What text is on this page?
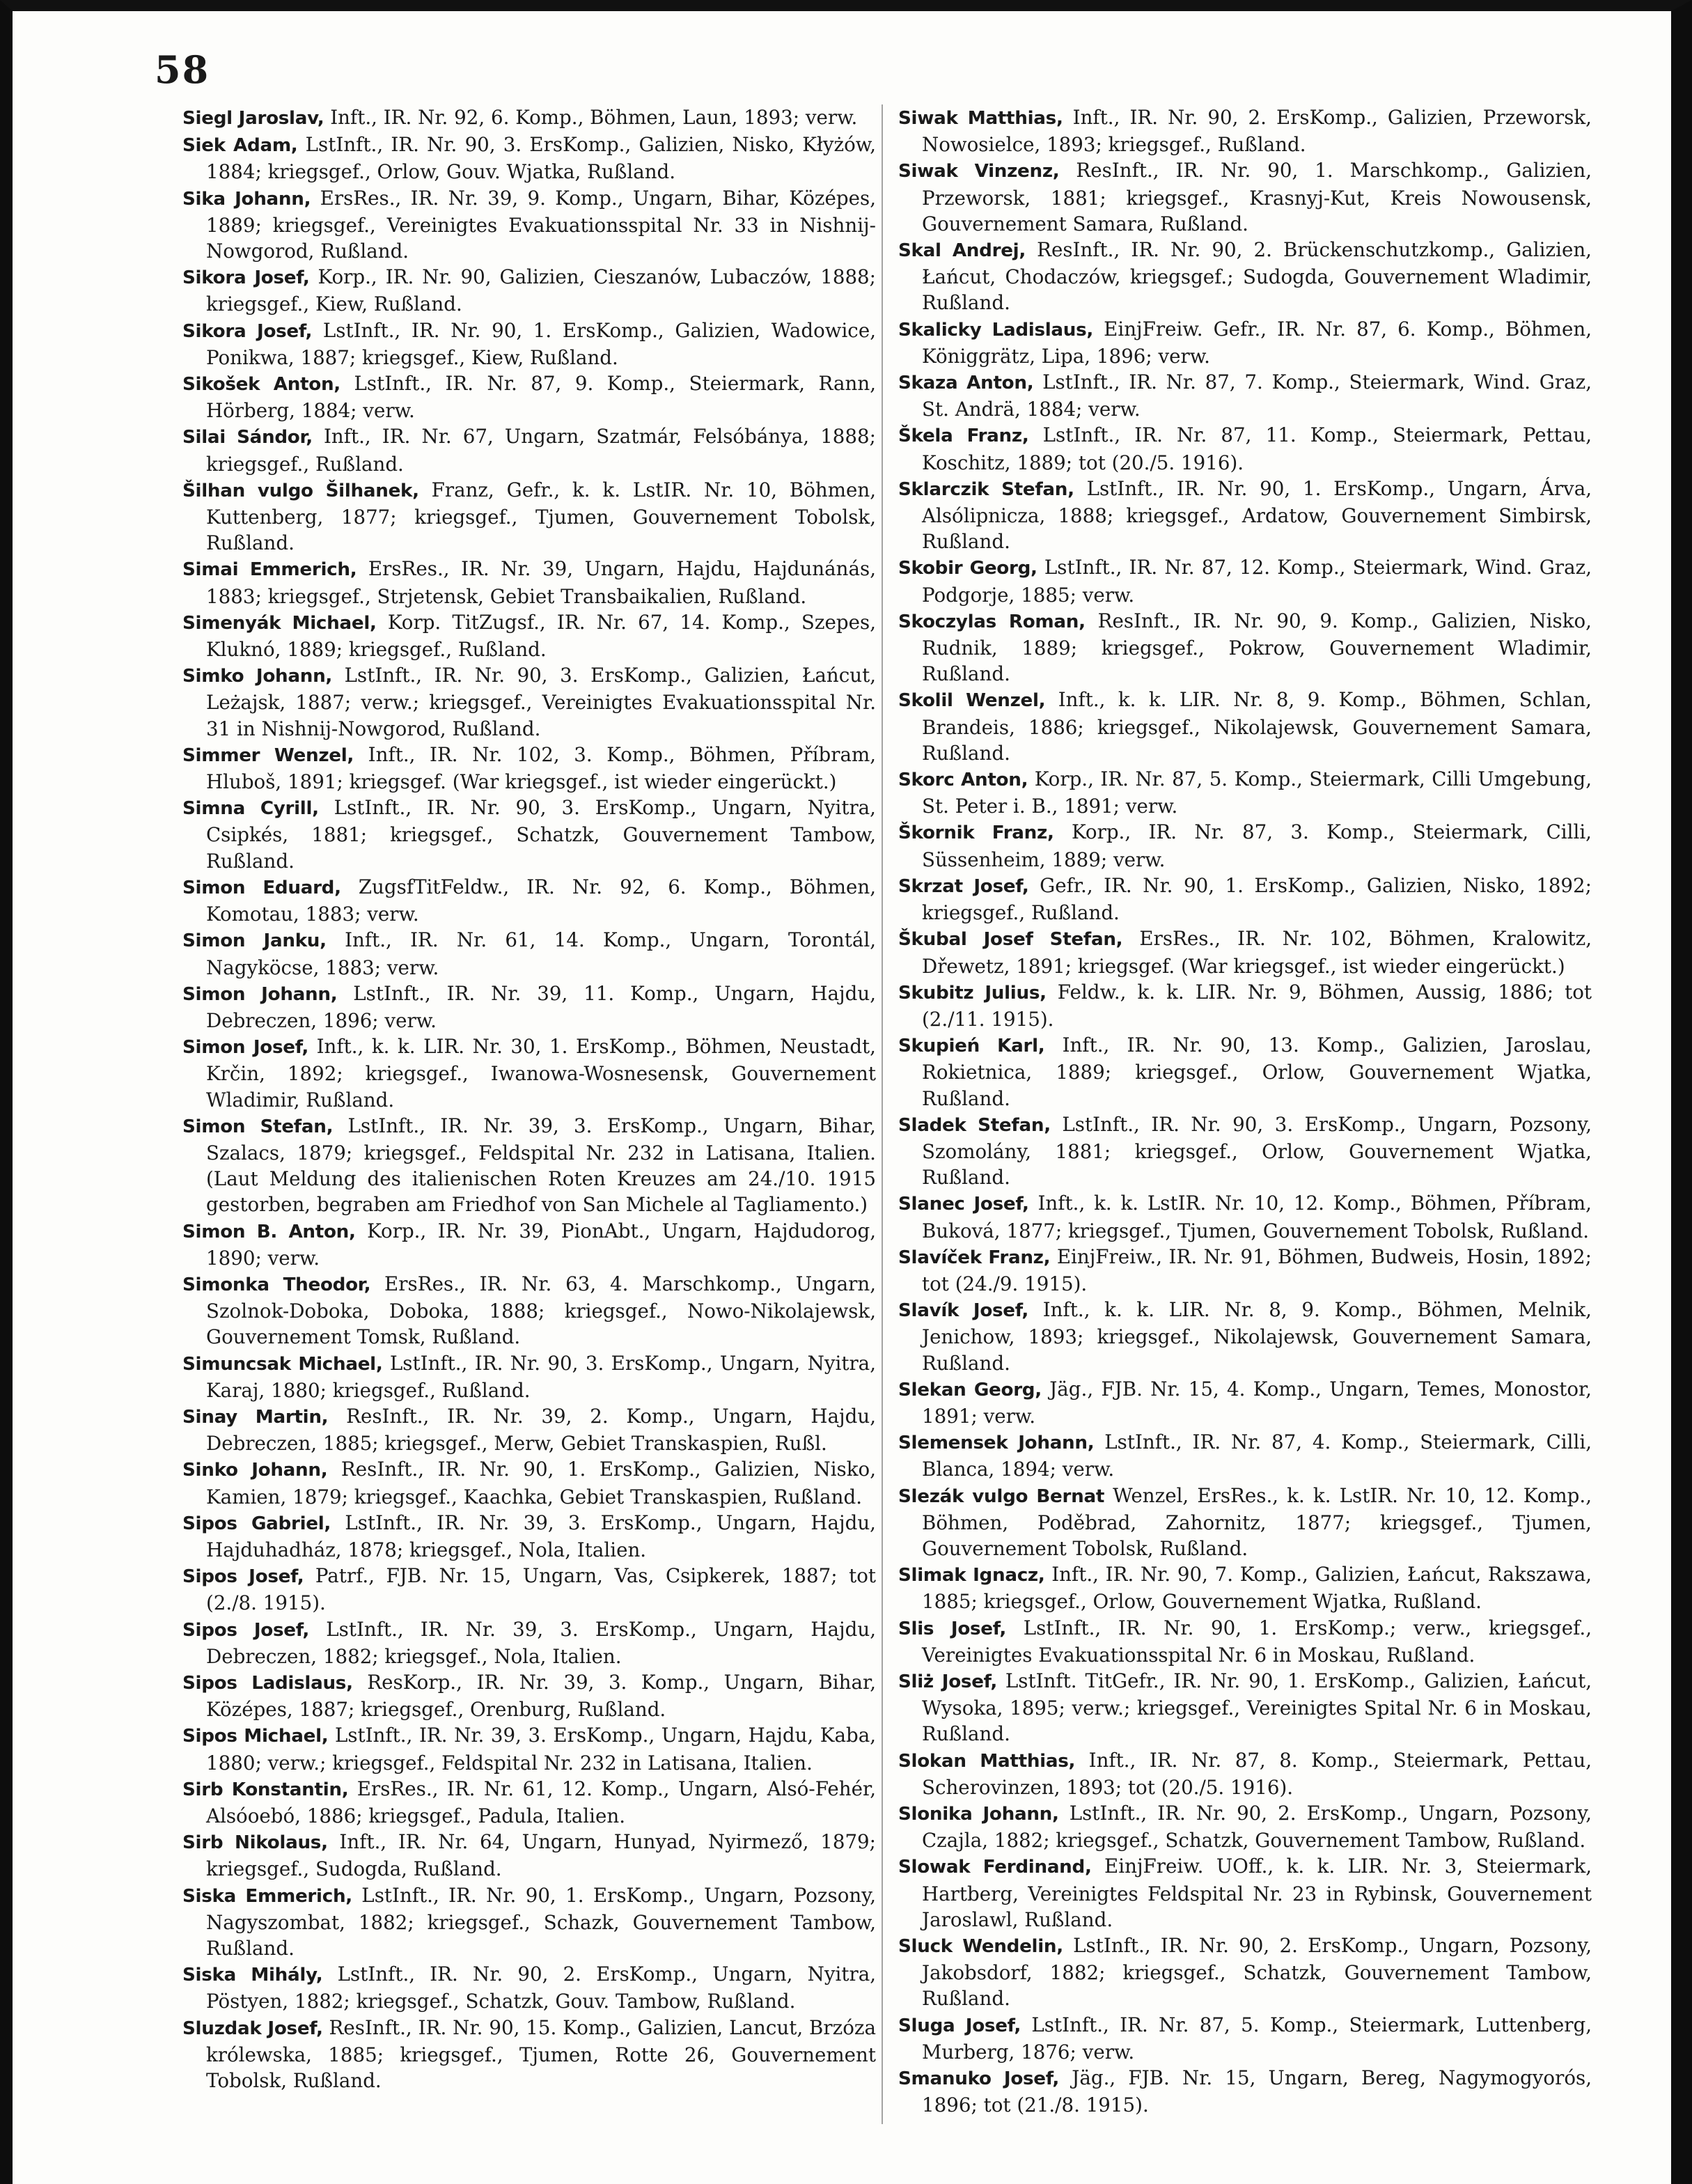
58

Siegl Jaroslav, Inft., IR. Nr. 92, 6. Komp., Böhmen, Laun, 1893; verw.

Siek Adam, LstInft., IR. Nr. 90, 3. ErsKomp., Galizien, Nisko, Kłyżów, 1884; kriegsgef., Orlow, Gouv. Wjatka, Rußland.

Sika Johann, ErsRes., IR. Nr. 39, 9. Komp., Ungarn, Bihar, Középes, 1889; kriegsgef., Vereinigtes Evakuationsspital Nr. 33 in Nishnij-Nowgorod, Rußland.

Sikora Josef, Korp., IR. Nr. 90, Galizien, Cieszanów, Lubaczów, 1888; kriegsgef., Kiew, Rußland.

Sikora Josef, LstInft., IR. Nr. 90, 1. ErsKomp., Galizien, Wadowice, Ponikwa, 1887; kriegsgef., Kiew, Rußland.

Sikošek Anton, LstInft., IR. Nr. 87, 9. Komp., Steiermark, Rann, Hörberg, 1884; verw.

Silai Sándor, Inft., IR. Nr. 67, Ungarn, Szatmár, Felsóbánya, 1888; kriegsgef., Rußland.

Šilhan vulgo Šilhanek, Franz, Gefr., k. k. LstIR. Nr. 10, Böhmen, Kuttenberg, 1877; kriegsgef., Tjumen, Gouvernement Tobolsk, Rußland.

Simai Emmerich, ErsRes., IR. Nr. 39, Ungarn, Hajdu, Hajdunánás, 1883; kriegsgef., Strjetensk, Gebiet Transbaikalien, Rußland.

Simenyák Michael, Korp. TitZugsf., IR. Nr. 67, 14. Komp., Szepes, Kluknó, 1889; kriegsgef., Rußland.

Simko Johann, LstInft., IR. Nr. 90, 3. ErsKomp., Galizien, Łańcut, Leżajsk, 1887; verw.; kriegsgef., Vereinigtes Evakuationsspital Nr. 31 in Nishnij-Nowgorod, Rußland.

Simmer Wenzel, Inft., IR. Nr. 102, 3. Komp., Böhmen, Příbram, Hluboš, 1891; kriegsgef. (War kriegsgef., ist wieder eingerückt.)

Simna Cyrill, LstInft., IR. Nr. 90, 3. ErsKomp., Ungarn, Nyitra, Csipkés, 1881; kriegsgef., Schatzk, Gouvernement Tambow, Rußland.

Simon Eduard, ZugsfTitFeldw., IR. Nr. 92, 6. Komp., Böhmen, Komotau, 1883; verw.

Simon Janku, Inft., IR. Nr. 61, 14. Komp., Ungarn, Torontál, Nagyköcse, 1883; verw.

Simon Johann, LstInft., IR. Nr. 39, 11. Komp., Ungarn, Hajdu, Debreczen, 1896; verw.

Simon Josef, Inft., k. k. LIR. Nr. 30, 1. ErsKomp., Böhmen, Neustadt, Krčin, 1892; kriegsgef., Iwanowa-Wosnesensk, Gouvernement Wladimir, Rußland.

Simon Stefan, LstInft., IR. Nr. 39, 3. ErsKomp., Ungarn, Bihar, Szalacs, 1879; kriegsgef., Feldspital Nr. 232 in Latisana, Italien. (Laut Meldung des italienischen Roten Kreuzes am 24./10. 1915 gestorben, begraben am Friedhof von San Michele al Tagliamento.)

Simon B. Anton, Korp., IR. Nr. 39, PionAbt., Ungarn, Hajdudorog, 1890; verw.

Simonka Theodor, ErsRes., IR. Nr. 63, 4. Marschkomp., Ungarn, Szolnok-Doboka, Doboka, 1888; kriegsgef., Nowo-Nikolajewsk, Gouvernement Tomsk, Rußland.

Simuncsak Michael, LstInft., IR. Nr. 90, 3. ErsKomp., Ungarn, Nyitra, Karaj, 1880; kriegsgef., Rußland.

Sinay Martin, ResInft., IR. Nr. 39, 2. Komp., Ungarn, Hajdu, Debreczen, 1885; kriegsgef., Merw, Gebiet Transkaspien, Rußl.

Sinko Johann, ResInft., IR. Nr. 90, 1. ErsKomp., Galizien, Nisko, Kamien, 1879; kriegsgef., Kaachka, Gebiet Transkaspien, Rußland.

Sipos Gabriel, LstInft., IR. Nr. 39, 3. ErsKomp., Ungarn, Hajdu, Hajduhadház, 1878; kriegsgef., Nola, Italien.

Sipos Josef, Patrf., FJB. Nr. 15, Ungarn, Vas, Csipkerek, 1887; tot (2./8. 1915).

Sipos Josef, LstInft., IR. Nr. 39, 3. ErsKomp., Ungarn, Hajdu, Debreczen, 1882; kriegsgef., Nola, Italien.

Sipos Ladislaus, ResKorp., IR. Nr. 39, 3. Komp., Ungarn, Bihar, Középes, 1887; kriegsgef., Orenburg, Rußland.

Sipos Michael, LstInft., IR. Nr. 39, 3. ErsKomp., Ungarn, Hajdu, Kaba, 1880; verw.; kriegsgef., Feldspital Nr. 232 in Latisana, Italien.

Sirb Konstantin, ErsRes., IR. Nr. 61, 12. Komp., Ungarn, Alsó-Fehér, Alsóoebó, 1886; kriegsgef., Padula, Italien.

Sirb Nikolaus, Inft., IR. Nr. 64, Ungarn, Hunyad, Nyirmező, 1879; kriegsgef., Sudogda, Rußland.

Siska Emmerich, LstInft., IR. Nr. 90, 1. ErsKomp., Ungarn, Pozsony, Nagyszombat, 1882; kriegsgef., Schazk, Gouvernement Tambow, Rußland.

Siska Mihály, LstInft., IR. Nr. 90, 2. ErsKomp., Ungarn, Nyitra, Pöstyen, 1882; kriegsgef., Schatzk, Gouv. Tambow, Rußland.

Sluzdak Josef, ResInft., IR. Nr. 90, 15. Komp., Galizien, Lancut, Brzóza królewska, 1885; kriegsgef., Tjumen, Rotte 26, Gouvernement Tobolsk, Rußland.

Siwak Matthias, Inft., IR. Nr. 90, 2. ErsKomp., Galizien, Przeworsk, Nowosielce, 1893; kriegsgef., Rußland.

Siwak Vinzenz, ResInft., IR. Nr. 90, 1. Marschkomp., Galizien, Przeworsk, 1881; kriegsgef., Krasnyj-Kut, Kreis Nowousensk, Gouvernement Samara, Rußland.

Skal Andrej, ResInft., IR. Nr. 90, 2. Brückenschutzkomp., Galizien, Łańcut, Chodaczów, kriegsgef.; Sudogda, Gouvernement Wladimir, Rußland.

Skalicky Ladislaus, EinjFreiw. Gefr., IR. Nr. 87, 6. Komp., Böhmen, Königgrätz, Lipa, 1896; verw.

Skaza Anton, LstInft., IR. Nr. 87, 7. Komp., Steiermark, Wind. Graz, St. Andrä, 1884; verw.

Škela Franz, LstInft., IR. Nr. 87, 11. Komp., Steiermark, Pettau, Koschitz, 1889; tot (20./5. 1916).

Sklarczik Stefan, LstInft., IR. Nr. 90, 1. ErsKomp., Ungarn, Árva, Alsólipnicza, 1888; kriegsgef., Ardatow, Gouvernement Simbirsk, Rußland.

Skobir Georg, LstInft., IR. Nr. 87, 12. Komp., Steiermark, Wind. Graz, Podgorje, 1885; verw.

Skoczylas Roman, ResInft., IR. Nr. 90, 9. Komp., Galizien, Nisko, Rudnik, 1889; kriegsgef., Pokrow, Gouvernement Wladimir, Rußland.

Skolil Wenzel, Inft., k. k. LIR. Nr. 8, 9. Komp., Böhmen, Schlan, Brandeis, 1886; kriegsgef., Nikolajewsk, Gouvernement Samara, Rußland.

Skorc Anton, Korp., IR. Nr. 87, 5. Komp., Steiermark, Cilli Umgebung, St. Peter i. B., 1891; verw.

Škornik Franz, Korp., IR. Nr. 87, 3. Komp., Steiermark, Cilli, Süssenheim, 1889; verw.

Skrzat Josef, Gefr., IR. Nr. 90, 1. ErsKomp., Galizien, Nisko, 1892; kriegsgef., Rußland.

Škubal Josef Stefan, ErsRes., IR. Nr. 102, Böhmen, Kralowitz, Dřewetz, 1891; kriegsgef. (War kriegsgef., ist wieder eingerückt.)

Skubitz Julius, Feldw., k. k. LIR. Nr. 9, Böhmen, Aussig, 1886; tot (2./11. 1915).

Skupień Karl, Inft., IR. Nr. 90, 13. Komp., Galizien, Jaroslau, Rokietnica, 1889; kriegsgef., Orlow, Gouvernement Wjatka, Rußland.

Sladek Stefan, LstInft., IR. Nr. 90, 3. ErsKomp., Ungarn, Pozsony, Szomolány, 1881; kriegsgef., Orlow, Gouvernement Wjatka, Rußland.

Slanec Josef, Inft., k. k. LstIR. Nr. 10, 12. Komp., Böhmen, Příbram, Buková, 1877; kriegsgef., Tjumen, Gouvernement Tobolsk, Rußland.

Slavíček Franz, EinjFreiw., IR. Nr. 91, Böhmen, Budweis, Hosin, 1892; tot (24./9. 1915).

Slavík Josef, Inft., k. k. LIR. Nr. 8, 9. Komp., Böhmen, Melnik, Jenichow, 1893; kriegsgef., Nikolajewsk, Gouvernement Samara, Rußland.

Slekan Georg, Jäg., FJB. Nr. 15, 4. Komp., Ungarn, Temes, Monostor, 1891; verw.

Slemensek Johann, LstInft., IR. Nr. 87, 4. Komp., Steiermark, Cilli, Blanca, 1894; verw.

Slezák vulgo Bernat Wenzel, ErsRes., k. k. LstIR. Nr. 10, 12. Komp., Böhmen, Poděbrad, Zahornitz, 1877; kriegsgef., Tjumen, Gouvernement Tobolsk, Rußland.

Slimak Ignacz, Inft., IR. Nr. 90, 7. Komp., Galizien, Łańcut, Rakszawa, 1885; kriegsgef., Orlow, Gouvernement Wjatka, Rußland.

Slis Josef, LstInft., IR. Nr. 90, 1. ErsKomp.; verw., kriegsgef., Vereinigtes Evakuationsspital Nr. 6 in Moskau, Rußland.

Sliż Josef, LstInft. TitGefr., IR. Nr. 90, 1. ErsKomp., Galizien, Łańcut, Wysoka, 1895; verw.; kriegsgef., Vereinigtes Spital Nr. 6 in Moskau, Rußland.

Slokan Matthias, Inft., IR. Nr. 87, 8. Komp., Steiermark, Pettau, Scherovinzen, 1893; tot (20./5. 1916).

Slonika Johann, LstInft., IR. Nr. 90, 2. ErsKomp., Ungarn, Pozsony, Czajla, 1882; kriegsgef., Schatzk, Gouvernement Tambow, Rußland.

Slowak Ferdinand, EinjFreiw. UOff., k. k. LIR. Nr. 3, Steiermark, Hartberg, Vereinigtes Feldspital Nr. 23 in Rybinsk, Gouvernement Jaroslawl, Rußland.

Sluck Wendelin, LstInft., IR. Nr. 90, 2. ErsKomp., Ungarn, Pozsony, Jakobsdorf, 1882; kriegsgef., Schatzk, Gouvernement Tambow, Rußland.

Sluga Josef, LstInft., IR. Nr. 87, 5. Komp., Steiermark, Luttenberg, Murberg, 1876; verw.

Smanuko Josef, Jäg., FJB. Nr. 15, Ungarn, Bereg, Nagymogyorós, 1896; tot (21./8. 1915).
